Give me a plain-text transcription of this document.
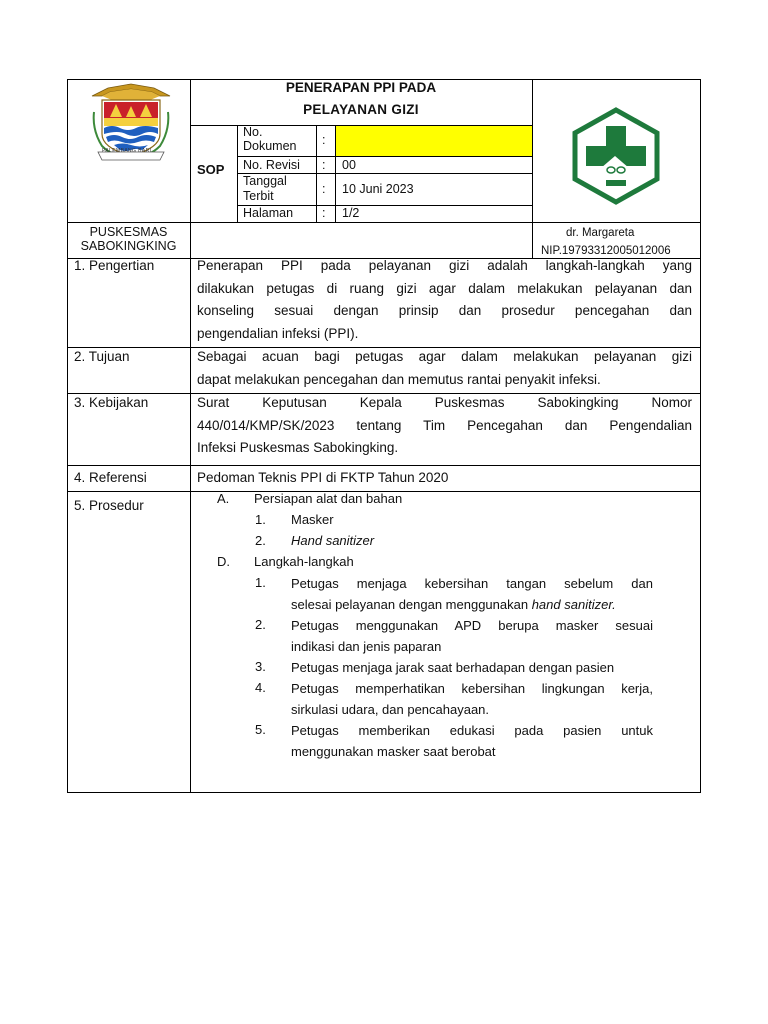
PALEMBANG BARI
PENERAPAN PPI PADA
PELAYANAN GIZI
SOP
No. Dokumen	:
No. Revisi : 00
Tanggal Terbit	: 10 Juni 2023
Halaman : 1/2
PUSKESMAS
SABOKINGKING
dr. Margareta
NIP.19793312005012006
1. Pengertian	Penerapan PPI pada pelayanan gizi adalah langkah-langkah yang
dilakukan petugas di ruang gizi agar dalam melakukan pelayanan dan
konseling sesuai dengan prinsip dan prosedur pencegahan dan
pengendalian infeksi (PPI).
2. Tujuan	Sebagai acuan bagi petugas agar dalam melakukan pelayanan gizi
dapat melakukan pencegahan dan memutus rantai penyakit infeksi.
3. Kebijakan	Surat Keputusan Kepala Puskesmas Sabokingking Nomor
440/014/KMP/SK/2023 tentang Tim Pencegahan dan Pengendalian
Infeksi Puskesmas Sabokingking.
4. Referensi	Pedoman Teknis PPI di FKTP Tahun 2020
5. Prosedur	A. Persiapan alat dan bahan
1. Masker
2. Hand sanitizer
D. Langkah-langkah
1. Petugas menjaga kebersihan tangan sebelum dan
selesai pelayanan dengan menggunakan hand sanitizer.
2. Petugas menggunakan APD berupa masker sesuai
indikasi dan jenis paparan
3. Petugas menjaga jarak saat berhadapan dengan pasien
4. Petugas memperhatikan kebersihan lingkungan kerja,
sirkulasi udara, dan pencahayaan.
5. Petugas memberikan edukasi pada pasien untuk
menggunakan masker saat berobat
